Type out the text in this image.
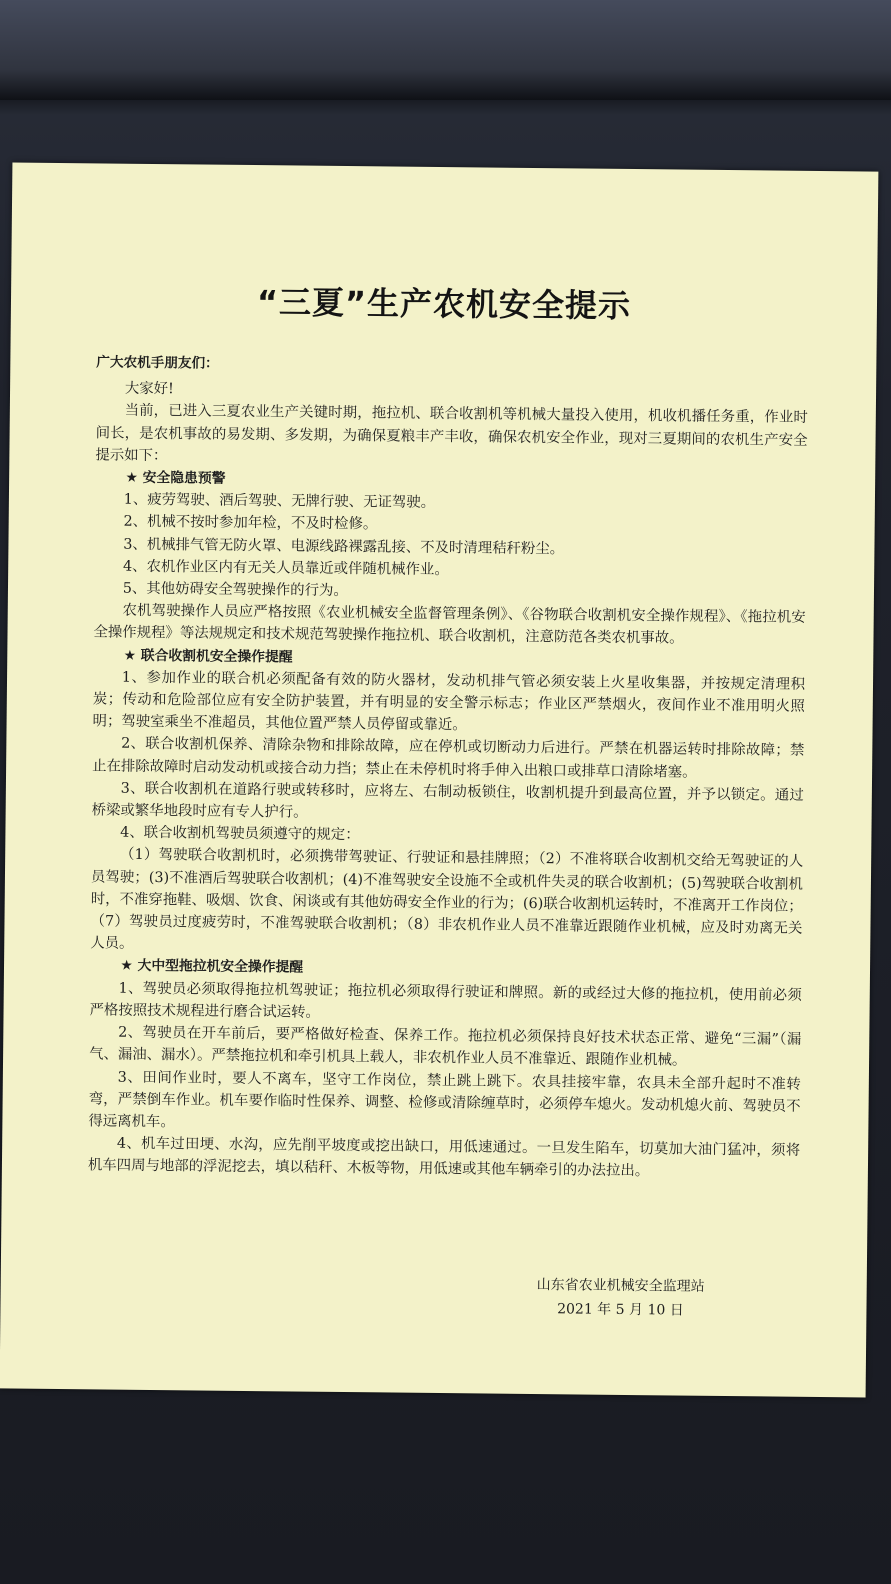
“三夏”生产农机安全提示

广大农机手朋友们：

大家好!

当前，已进入三夏农业生产关键时期，拖拉机、联合收割机等机械大量投入使用，机收机播任务重，作业时间长，是农机事故的易发期、多发期，为确保夏粮丰产丰收，确保农机安全作业，现对三夏期间的农机生产安全提示如下：

★ 安全隐患预警

1、疲劳驾驶、酒后驾驶、无牌行驶、无证驾驶。

2、机械不按时参加年检，不及时检修。

3、机械排气管无防火罩、电源线路裸露乱接、不及时清理秸秆粉尘。

4、农机作业区内有无关人员靠近或伴随机械作业。

5、其他妨碍安全驾驶操作的行为。

农机驾驶操作人员应严格按照《农业机械安全监督管理条例》、《谷物联合收割机安全操作规程》、《拖拉机安全操作规程》等法规规定和技术规范驾驶操作拖拉机、联合收割机，注意防范各类农机事故。

★ 联合收割机安全操作提醒

1、参加作业的联合机必须配备有效的防火器材，发动机排气管必须安装上火星收集器，并按规定清理积炭；传动和危险部位应有安全防护装置，并有明显的安全警示标志；作业区严禁烟火，夜间作业不准用明火照明；驾驶室乘坐不准超员，其他位置严禁人员停留或靠近。

2、联合收割机保养、清除杂物和排除故障，应在停机或切断动力后进行。严禁在机器运转时排除故障；禁止在排除故障时启动发动机或接合动力挡；禁止在未停机时将手伸入出粮口或排草口清除堵塞。

3、联合收割机在道路行驶或转移时，应将左、右制动板锁住，收割机提升到最高位置，并予以锁定。通过桥梁或繁华地段时应有专人护行。

4、联合收割机驾驶员须遵守的规定：

（1）驾驶联合收割机时，必须携带驾驶证、行驶证和悬挂牌照；（2）不准将联合收割机交给无驾驶证的人员驾驶；(3)不准酒后驾驶联合收割机；(4)不准驾驶安全设施不全或机件失灵的联合收割机；(5)驾驶联合收割机时，不准穿拖鞋、吸烟、饮食、闲谈或有其他妨碍安全作业的行为；(6)联合收割机运转时，不准离开工作岗位；（7）驾驶员过度疲劳时，不准驾驶联合收割机；（8）非农机作业人员不准靠近跟随作业机械，应及时劝离无关人员。

★ 大中型拖拉机安全操作提醒

1、驾驶员必须取得拖拉机驾驶证；拖拉机必须取得行驶证和牌照。新的或经过大修的拖拉机，使用前必须严格按照技术规程进行磨合试运转。

2、驾驶员在开车前后，要严格做好检查、保养工作。拖拉机必须保持良好技术状态正常、避免“三漏”（漏气、漏油、漏水）。严禁拖拉机和牵引机具上载人，非农机作业人员不准靠近、跟随作业机械。

3、田间作业时，要人不离车，坚守工作岗位，禁止跳上跳下。农具挂接牢靠，农具未全部升起时不准转弯，严禁倒车作业。机车要作临时性保养、调整、检修或清除缠草时，必须停车熄火。发动机熄火前、驾驶员不得远离机车。

4、机车过田埂、水沟，应先削平坡度或挖出缺口，用低速通过。一旦发生陷车，切莫加大油门猛冲，须将机车四周与地部的浮泥挖去，填以秸秆、木板等物，用低速或其他车辆牵引的办法拉出。

山东省农业机械安全监理站
2021 年 5 月 10 日
